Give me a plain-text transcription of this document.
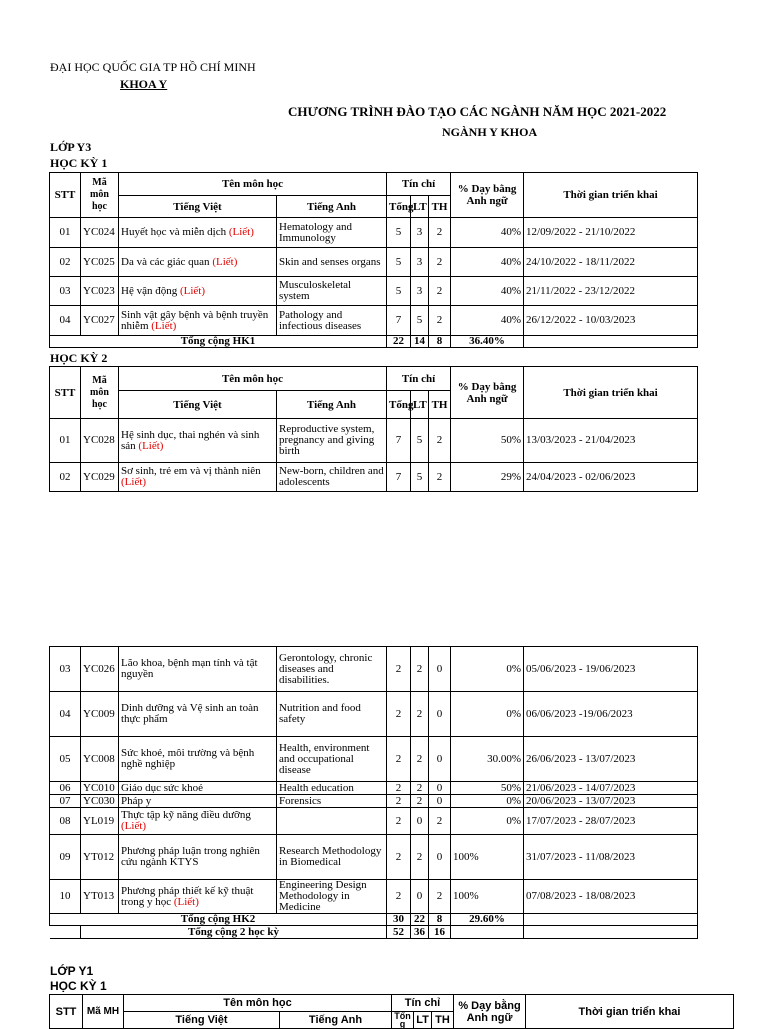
ĐẠI HỌC QUỐC GIA TP HỒ CHÍ MINH
KHOA Y
CHƯƠNG TRÌNH ĐÀO TẠO CÁC NGÀNH NĂM HỌC 2021-2022
NGÀNH Y KHOA
LỚP Y3
HỌC KỲ 1
STT	Mã môn học	Tên môn học		Tín chỉ			% Dạy bằng Anh ngữ	Thời gian triển khai
		Tiếng Việt	Tiếng Anh	Tổng	LT	TH		
01	YC024	Huyết học và miễn dịch (Liết)	Hematology and Immunology	5	3	2	40%	12/09/2022 - 21/10/2022
02	YC025	Da và các giác quan (Liết)	Skin and senses organs	5	3	2	40%	24/10/2022 - 18/11/2022
03	YC023	Hệ vận động (Liết)	Musculoskeletal system	5	3	2	40%	21/11/2022 - 23/12/2022
04	YC027	Sinh vật gây bệnh và bệnh truyền nhiễm (Liết)	Pathology and infectious diseases	7	5	2	40%	26/12/2022 - 10/03/2023
Tổng cộng HK1				22	14	8	36.40%	
HỌC KỲ 2
STT	Mã môn học	Tên môn học		Tín chỉ			% Dạy bằng Anh ngữ	Thời gian triển khai
		Tiếng Việt	Tiếng Anh	Tổng	LT	TH		
01	YC028	Hệ sinh dục, thai nghén và sinh sản (Liết)	Reproductive system, pregnancy and giving birth	7	5	2	50%	13/03/2023 - 21/04/2023
02	YC029	Sơ sinh, trẻ em và vị thành niên (Liết)	New-born, children and adolescents	7	5	2	29%	24/04/2023 - 02/06/2023
03	YC026	Lão khoa, bệnh mạn tính và tật nguyền	Gerontology, chronic diseases and disabilities.	2	2	0	0%	05/06/2023 - 19/06/2023
04	YC009	Dinh dưỡng và Vệ sinh an toàn thực phẩm	Nutrition and food safety	2	2	0	0%	06/06/2023 -19/06/2023
05	YC008	Sức khoẻ, môi trường và bệnh nghề nghiệp	Health, environment and occupational disease	2	2	0	30.00%	26/06/2023 - 13/07/2023
06	YC010	Giáo dục sức khoẻ	Health education	2	2	0	50%	21/06/2023 - 14/07/2023
07	YC030	Pháp y	Forensics	2	2	0	0%	20/06/2023 - 13/07/2023
08	YL019	Thực tập kỹ năng điều dưỡng (Liết)		2	0	2	0%	17/07/2023 - 28/07/2023
09	YT012	Phương pháp luận trong nghiên cứu ngành KTYS	Research Methodology in Biomedical	2	2	0	100%	31/07/2023 - 11/08/2023
10	YT013	Phương pháp thiết kế kỹ thuật trong y học (Liết)	Engineering Design Methodology in Medicine	2	0	2	100%	07/08/2023 - 18/08/2023
Tổng cộng HK2				30	22	8	29.60%	
	Tổng cộng 2 học kỳ			52	36	16		
LỚP Y1
HỌC KỲ 1
STT	Mã MH	Tên môn học		Tín chỉ			% Dạy bằng Anh ngữ	Thời gian triển khai
		Tiếng Việt	Tiếng Anh	Tổn g	LT	TH		
